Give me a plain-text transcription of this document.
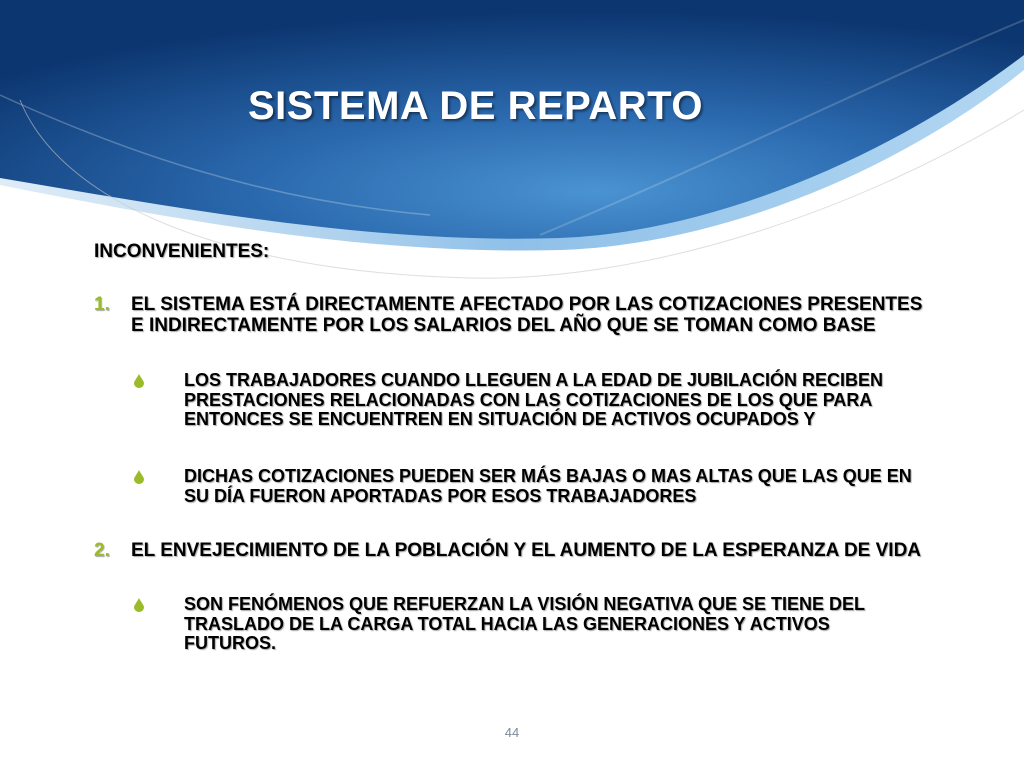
SISTEMA DE REPARTO
INCONVENIENTES:
1. EL SISTEMA ESTÁ DIRECTAMENTE AFECTADO POR LAS COTIZACIONES PRESENTES E INDIRECTAMENTE POR LOS SALARIOS DEL AÑO QUE SE TOMAN COMO BASE
LOS TRABAJADORES CUANDO LLEGUEN A LA EDAD DE JUBILACIÓN RECIBEN PRESTACIONES RELACIONADAS CON LAS COTIZACIONES DE LOS QUE PARA ENTONCES SE ENCUENTREN EN SITUACIÓN DE ACTIVOS OCUPADOS Y
DICHAS COTIZACIONES PUEDEN SER MÁS BAJAS O MAS ALTAS QUE LAS QUE EN SU DÍA FUERON APORTADAS POR ESOS TRABAJADORES
2. EL ENVEJECIMIENTO DE LA POBLACIÓN Y EL AUMENTO DE LA ESPERANZA DE VIDA
SON FENÓMENOS QUE REFUERZAN LA VISIÓN NEGATIVA QUE SE TIENE DEL TRASLADO DE LA CARGA TOTAL HACIA LAS GENERACIONES Y ACTIVOS FUTUROS.
44
